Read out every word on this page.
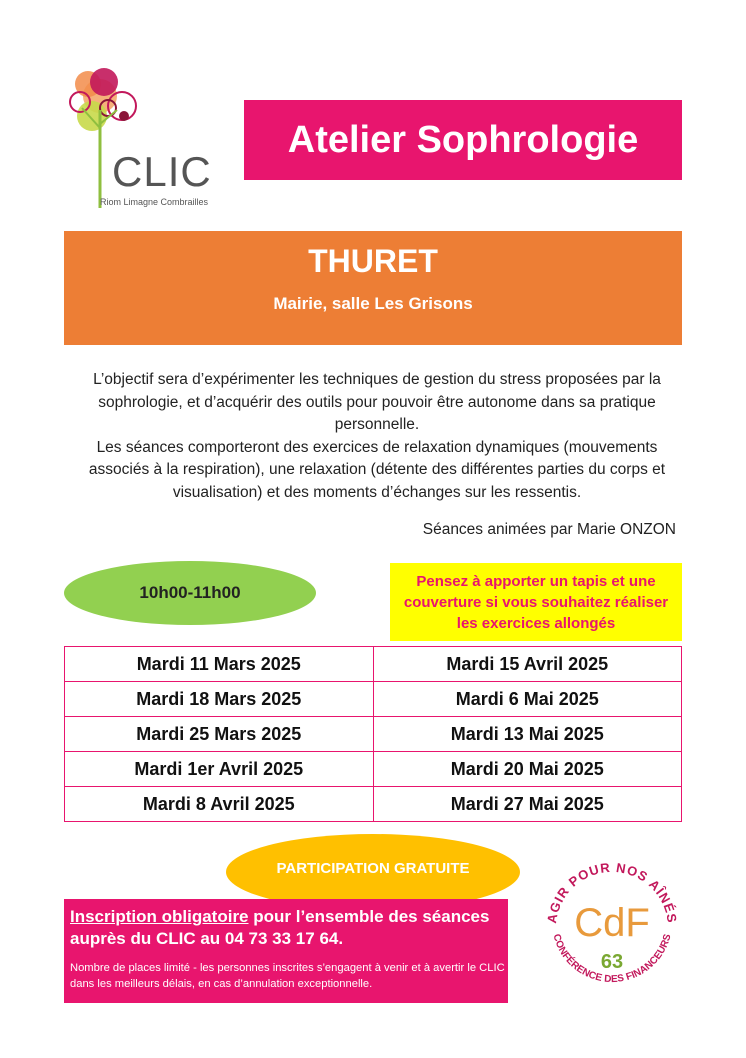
CLIC
Riom Limagne Combrailles
Atelier Sophrologie
THURET
Mairie, salle Les Grisons
L’objectif sera d’expérimenter les techniques de gestion du stress proposées par la sophrologie, et d’acquérir des outils pour pouvoir être autonome dans sa pratique personnelle.
Les séances comporteront des exercices de relaxation dynamiques (mouvements associés à la respiration), une relaxation (détente des différentes parties du corps et visualisation) et des moments d’échanges sur les ressentis.
Séances animées par Marie ONZON
10h00-11h00
Pensez à apporter un tapis et une couverture si vous souhaitez réaliser les exercices allongés
Mardi 11 Mars 2025	Mardi 15 Avril 2025
Mardi 18 Mars 2025	Mardi 6 Mai 2025
Mardi 25 Mars 2025	Mardi 13 Mai 2025
Mardi 1er Avril 2025	Mardi 20 Mai 2025
Mardi 8 Avril 2025	Mardi 27 Mai 2025
PARTICIPATION GRATUITE
Inscription obligatoire pour l’ensemble des séances auprès du CLIC au 04 73 33 17 64.
Nombre de places limité - les personnes inscrites s’engagent à venir et à avertir le CLIC dans les meilleurs délais, en cas d’annulation exceptionnelle.
AGIR POUR NOS AÎNÉS
CONFÉRENCE DES FINANCEURS
CdF
63
